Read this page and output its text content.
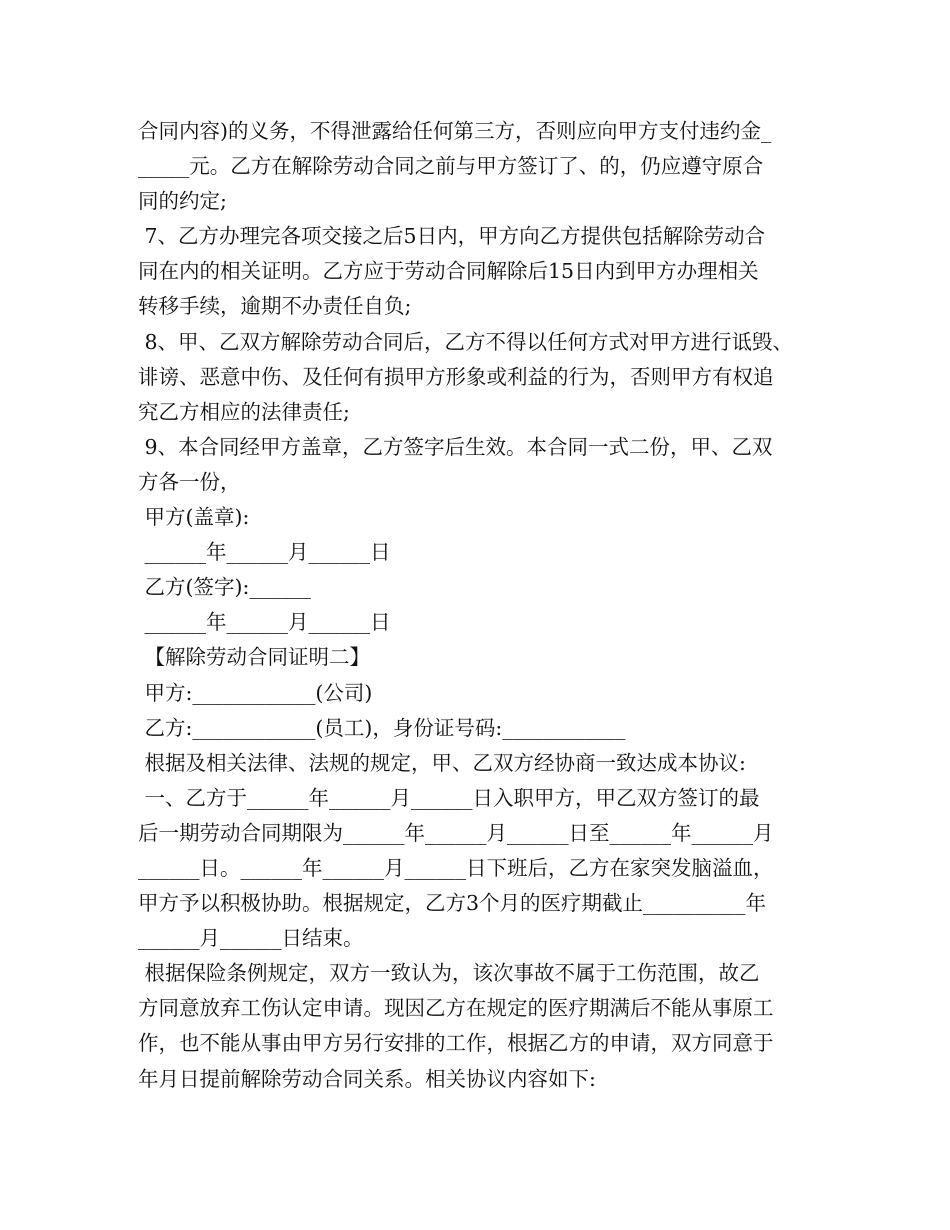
合同内容)的义务，不得泄露给任何第三方，否则应向甲方支付违约金_
_____元。乙方在解除劳动合同之前与甲方签订了、的，仍应遵守原合
同的约定;
7、乙方办理完各项交接之后5日内，甲方向乙方提供包括解除劳动合
同在内的相关证明。乙方应于劳动合同解除后15日内到甲方办理相关
转移手续，逾期不办责任自负;
8、甲、乙双方解除劳动合同后，乙方不得以任何方式对甲方进行诋毁、
诽谤、恶意中伤、及任何有损甲方形象或利益的行为，否则甲方有权追
究乙方相应的法律责任;
9、本合同经甲方盖章，乙方签字后生效。本合同一式二份，甲、乙双
方各一份，
甲方(盖章):
______年______月______日
乙方(签字):______
______年______月______日
【解除劳动合同证明二】
甲方:____________(公司)
乙方:____________(员工)，身份证号码:____________
根据及相关法律、法规的规定，甲、乙双方经协商一致达成本协议:
一、乙方于______年______月______日入职甲方，甲乙双方签订的最
后一期劳动合同期限为______年______月______日至______年______月
______日。______年______月______日下班后，乙方在家突发脑溢血，
甲方予以积极协助。根据规定，乙方3个月的医疗期截止__________年
______月______日结束。
根据保险条例规定，双方一致认为，该次事故不属于工伤范围，故乙
方同意放弃工伤认定申请。现因乙方在规定的医疗期满后不能从事原工
作，也不能从事由甲方另行安排的工作，根据乙方的申请，双方同意于
年月日提前解除劳动合同关系。相关协议内容如下:
